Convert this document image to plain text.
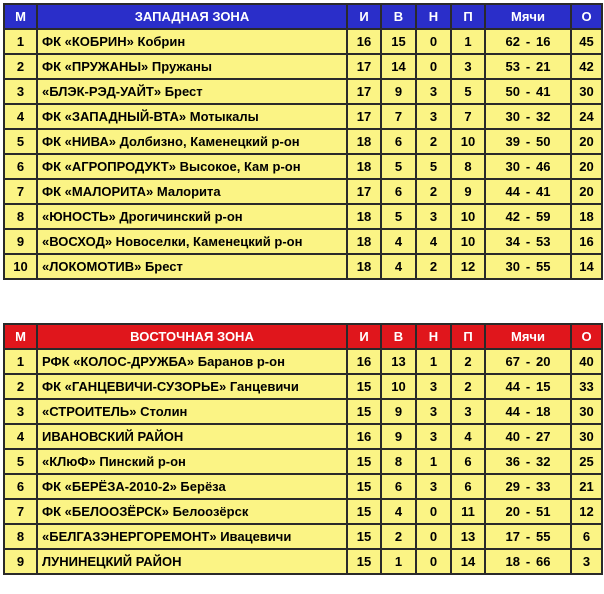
М	ЗАПАДНАЯ ЗОНА	И	В	Н	П	Мячи	О
1	ФК «КОБРИН» Кобрин	16	15	0	1	62 - 16	45
2	ФК «ПРУЖАНЫ» Пружаны	17	14	0	3	53 - 21	42
3	«БЛЭК-РЭД-УАЙТ» Брест	17	9	3	5	50 - 41	30
4	ФК «ЗАПАДНЫЙ-ВТА» Мотыкалы	17	7	3	7	30 - 32	24
5	ФК «НИВА» Долбизно, Каменецкий р-он	18	6	2	10	39 - 50	20
6	ФК «АГРОПРОДУКТ» Высокое, Кам р-он	18	5	5	8	30 - 46	20
7	ФК «МАЛОРИТА» Малорита	17	6	2	9	44 - 41	20
8	«ЮНОСТЬ» Дрогичинский р-он	18	5	3	10	42 - 59	18
9	«ВОСХОД» Новоселки, Каменецкий р-он	18	4	4	10	34 - 53	16
10	«ЛОКОМОТИВ» Брест	18	4	2	12	30 - 55	14
М	ВОСТОЧНАЯ ЗОНА	И	В	Н	П	Мячи	О
1	РФК «КОЛОС-ДРУЖБА» Баранов р-он	16	13	1	2	67 - 20	40
2	ФК «ГАНЦЕВИЧИ-СУЗОРЬЕ» Ганцевичи	15	10	3	2	44 - 15	33
3	«СТРОИТЕЛЬ» Столин	15	9	3	3	44 - 18	30
4	ИВАНОВСКИЙ РАЙОН	16	9	3	4	40 - 27	30
5	«КЛюФ» Пинский р-он	15	8	1	6	36 - 32	25
6	ФК «БЕРЁЗА-2010-2» Берёза	15	6	3	6	29 - 33	21
7	ФК «БЕЛООЗЁРСК» Белоозёрск	15	4	0	11	20 - 51	12
8	«БЕЛГАЗЭНЕРГОРЕМОНТ» Ивацевичи	15	2	0	13	17 - 55	6
9	ЛУНИНЕЦКИЙ РАЙОН	15	1	0	14	18 - 66	3
